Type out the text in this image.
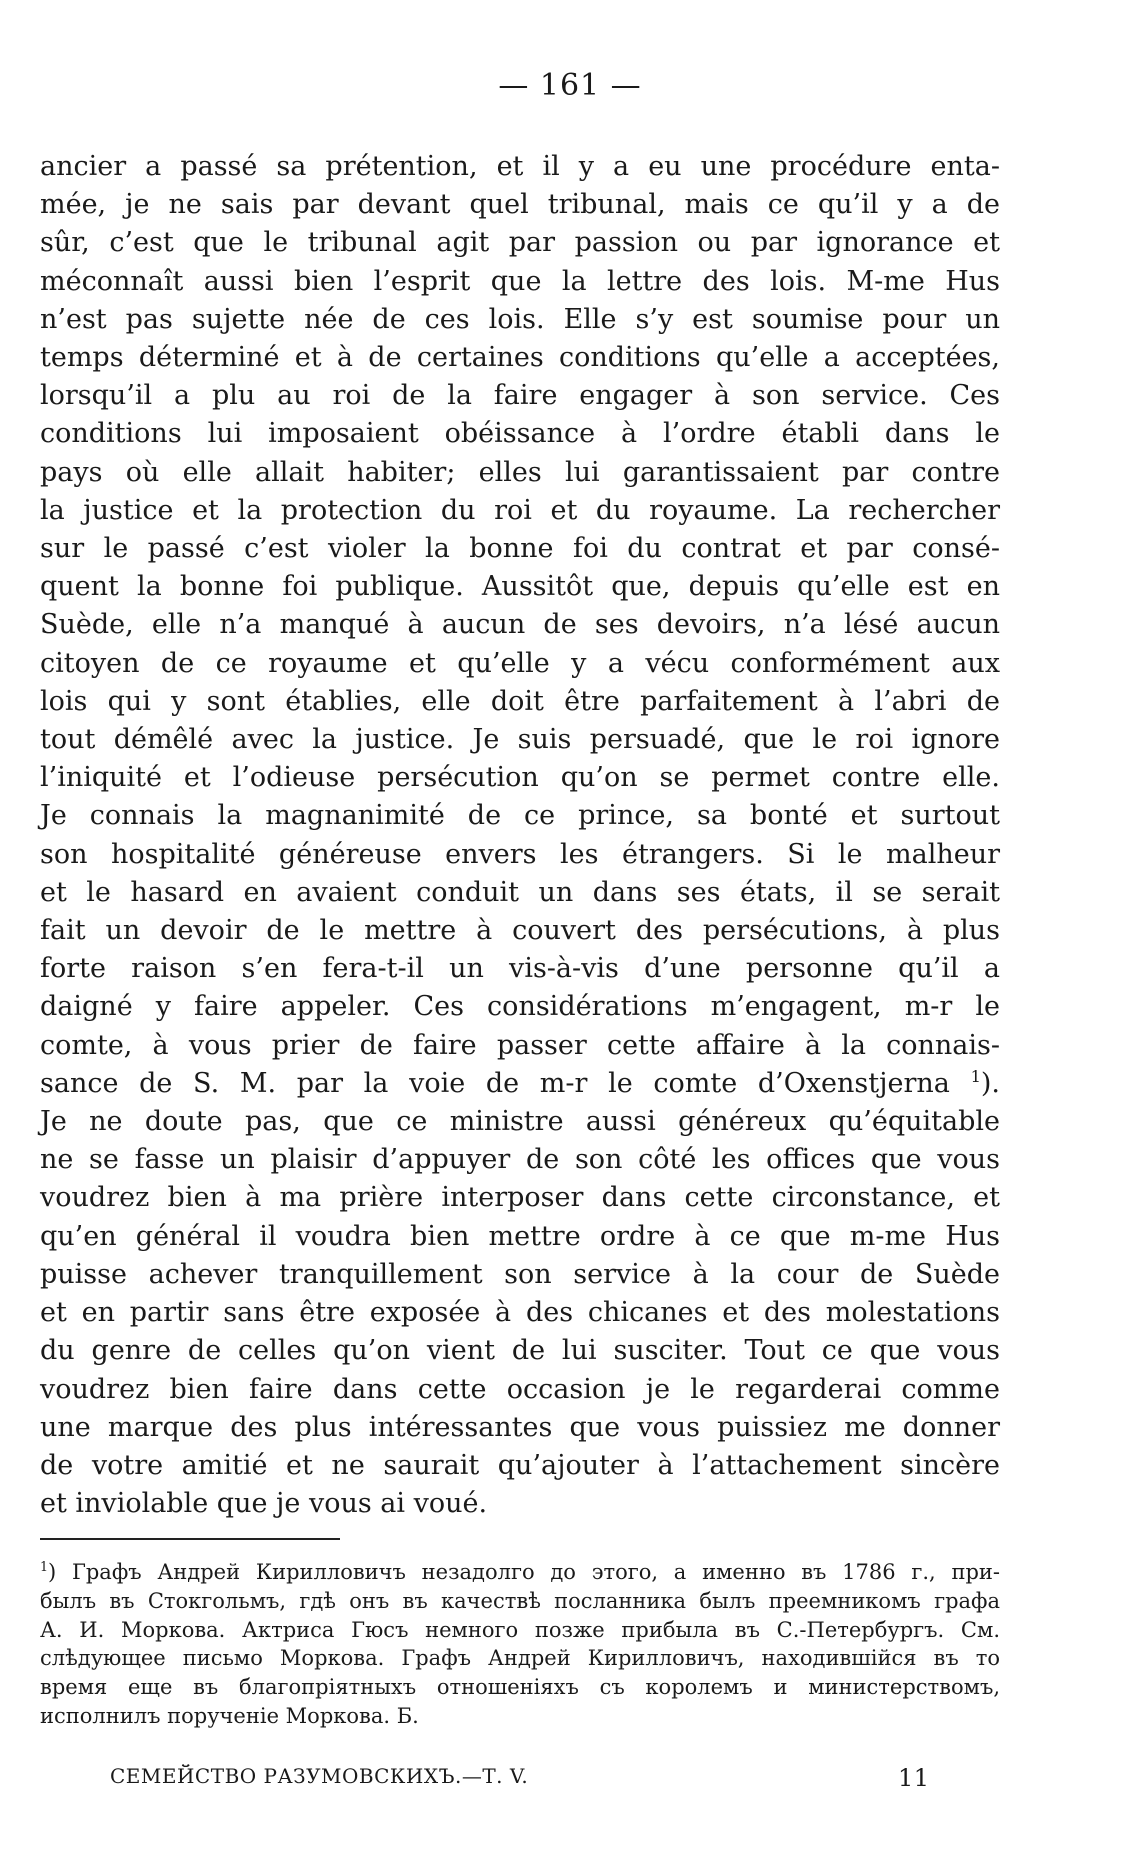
— 161 —
ancier a passé sa prétention, et il y a eu une procédure enta-
mée, je ne sais par devant quel tribunal, mais ce qu’il y a de
sûr, c’est que le tribunal agit par passion ou par ignorance et
méconnaît aussi bien l’esprit que la lettre des lois. M-me Hus
n’est pas sujette née de ces lois. Elle s’y est soumise pour un
temps déterminé et à de certaines conditions qu’elle a acceptées,
lorsqu’il a plu au roi de la faire engager à son service. Ces
conditions lui imposaient obéissance à l’ordre établi dans le
pays où elle allait habiter; elles lui garantissaient par contre
la justice et la protection du roi et du royaume. La rechercher
sur le passé c’est violer la bonne foi du contrat et par consé-
quent la bonne foi publique. Aussitôt que, depuis qu’elle est en
Suède, elle n’a manqué à aucun de ses devoirs, n’a lésé aucun
citoyen de ce royaume et qu’elle y a vécu conformément aux
lois qui y sont établies, elle doit être parfaitement à l’abri de
tout démêlé avec la justice. Je suis persuadé, que le roi ignore
l’iniquité et l’odieuse persécution qu’on se permet contre elle.
Je connais la magnanimité de ce prince, sa bonté et surtout
son hospitalité généreuse envers les étrangers. Si le malheur
et le hasard en avaient conduit un dans ses états, il se serait
fait un devoir de le mettre à couvert des persécutions, à plus
forte raison s’en fera-t-il un vis-à-vis d’une personne qu’il a
daigné y faire appeler. Ces considérations m’engagent, m-r le
comte, à vous prier de faire passer cette affaire à la connais-
sance de S. M. par la voie de m-r le comte d’Oxenstjerna $^1$).
Je ne doute pas, que ce ministre aussi généreux qu’équitable
ne se fasse un plaisir d’appuyer de son côté les offices que vous
voudrez bien à ma prière interposer dans cette circonstance, et
qu’en général il voudra bien mettre ordre à ce que m-me Hus
puisse achever tranquillement son service à la cour de Suède
et en partir sans être exposée à des chicanes et des molestations
du genre de celles qu’on vient de lui susciter. Tout ce que vous
voudrez bien faire dans cette occasion je le regarderai comme
une marque des plus intéressantes que vous puissiez me donner
de votre amitié et ne saurait qu’ajouter à l’attachement sincère
et inviolable que je vous ai voué.
$^1$) Графъ Андрей Кирилловичъ незадолго до этого, а именно въ 1786 г., при-
былъ въ Стокгольмъ, гдѣ онъ въ качествѣ посланника былъ преемникомъ графа
А. И. Моркова. Актриса Гюсъ немного позже прибыла въ С.-Петербургъ. См.
слѣдующее письмо Моркова. Графъ Андрей Кирилловичъ, находившійся въ то
время еще въ благопріятныхъ отношеніяхъ съ королемъ и министерствомъ,
исполнилъ порученіе Моркова. Б.
СЕМЕЙСТВО РАЗУМОВСКИХЪ.—Т. V.	11
